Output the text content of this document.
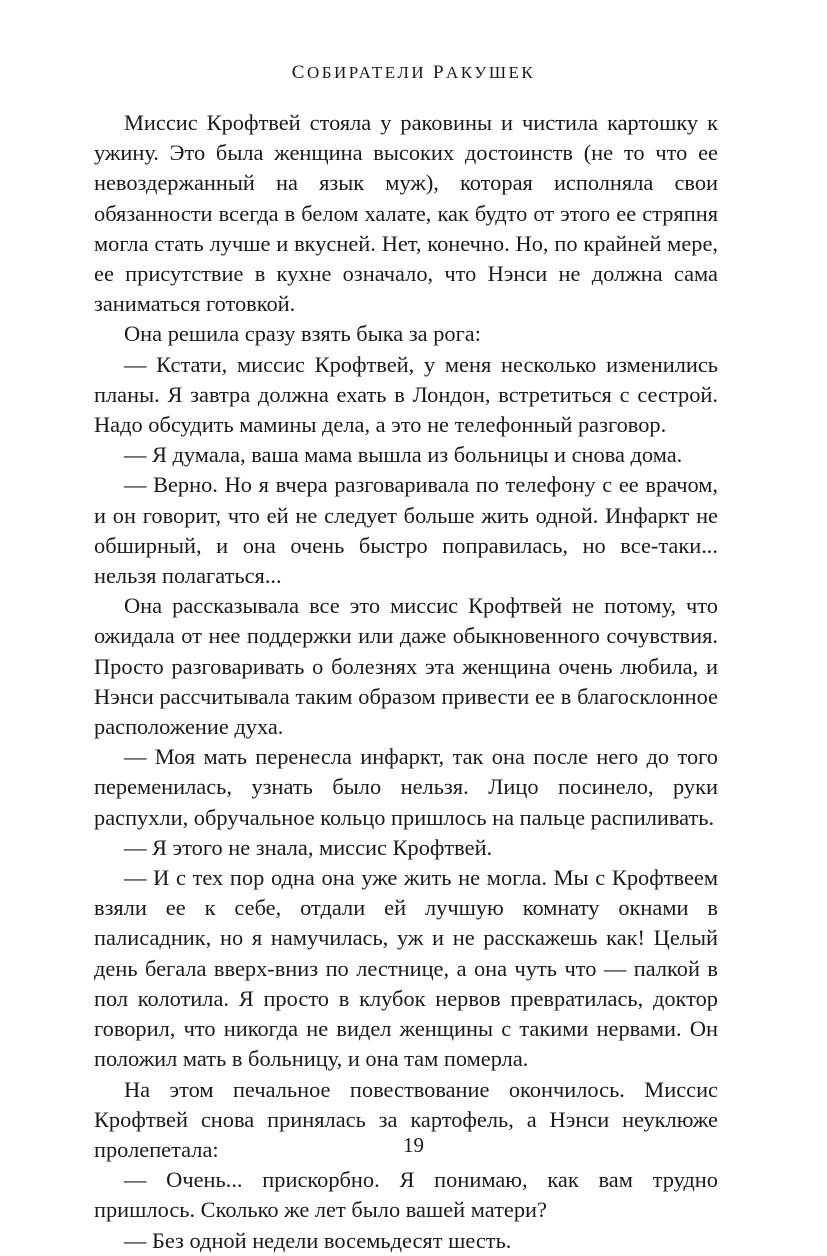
СОБИРАТЕЛИ РАКУШЕК

Миссис Крофтвей стояла у раковины и чистила картошку к ужину. Это была женщина высоких достоинств (не то что ее невоздержанный на язык муж), которая исполняла свои обязанности всегда в белом халате, как будто от этого ее стряпня могла стать лучше и вкусней. Нет, конечно. Но, по крайней мере, ее присутствие в кухне означало, что Нэнси не должна сама заниматься готовкой.

Она решила сразу взять быка за рога:

— Кстати, миссис Крофтвей, у меня несколько изменились планы. Я завтра должна ехать в Лондон, встретиться с сестрой. Надо обсудить мамины дела, а это не телефонный разговор.

— Я думала, ваша мама вышла из больницы и снова дома.

— Верно. Но я вчера разговаривала по телефону с ее врачом, и он говорит, что ей не следует больше жить одной. Инфаркт не обширный, и она очень быстро поправилась, но все-таки... нельзя полагаться...

Она рассказывала все это миссис Крофтвей не потому, что ожидала от нее поддержки или даже обыкновенного сочувствия. Просто разговаривать о болезнях эта женщина очень любила, и Нэнси рассчитывала таким образом привести ее в благосклонное расположение духа.

— Моя мать перенесла инфаркт, так она после него до того переменилась, узнать было нельзя. Лицо посинело, руки распухли, обручальное кольцо пришлось на пальце распиливать.

— Я этого не знала, миссис Крофтвей.

— И с тех пор одна она уже жить не могла. Мы с Крофтвеем взяли ее к себе, отдали ей лучшую комнату окнами в палисадник, но я намучилась, уж и не расскажешь как! Целый день бегала вверх-вниз по лестнице, а она чуть что — палкой в пол колотила. Я просто в клубок нервов превратилась, доктор говорил, что никогда не видел женщины с такими нервами. Он положил мать в больницу, и она там померла.

На этом печальное повествование окончилось. Миссис Крофтвей снова принялась за картофель, а Нэнси неуклюже пролепетала:

— Очень... прискорбно. Я понимаю, как вам трудно пришлось. Сколько же лет было вашей матери?

— Без одной недели восемьдесят шесть.

19
